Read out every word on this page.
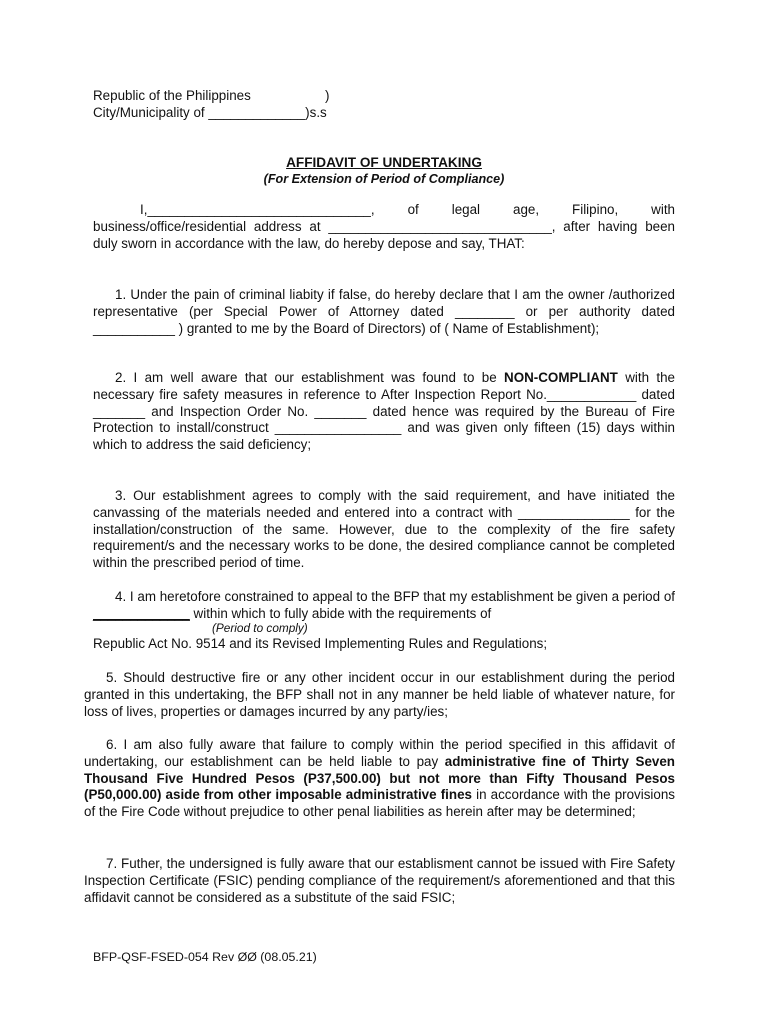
Republic of the Philippines	)
City/Municipality of _____________)s.s
AFFIDAVIT OF UNDERTAKING
(For Extension of Period of Compliance)
I,______________________________, of legal age, Filipino, with business/office/residential address at ______________________________, after having been duly sworn in accordance with the law, do hereby depose and say, THAT:
1. Under the pain of criminal liabity if false, do hereby declare that I am the owner /authorized representative (per Special Power of Attorney dated ________ or per authority dated ___________ ) granted to me by the Board of Directors) of ( Name of Establishment);
2. I am well aware that our establishment was found to be NON-COMPLIANT with the necessary fire safety measures in reference to After Inspection Report No.____________ dated _______ and Inspection Order No. _______ dated hence was required by the Bureau of Fire Protection to install/construct _________________ and was given only fifteen (15) days within which to address the said deficiency;
3. Our establishment agrees to comply with the said requirement, and have initiated the canvassing of the materials needed and entered into a contract with _______________ for the installation/construction of the same. However, due to the complexity of the fire safety requirement/s and the necessary works to be done, the desired compliance cannot be completed within the prescribed period of time.
4. I am heretofore constrained to appeal to the BFP that my establishment be given a period of _____________ within which to fully abide with the requirements of
(Period to comply)
Republic Act No. 9514 and its Revised Implementing Rules and Regulations;
5. Should destructive fire or any other incident occur in our establishment during the period granted in this undertaking, the BFP shall not in any manner be held liable of whatever nature, for loss of lives, properties or damages incurred by any party/ies;
6. I am also fully aware that failure to comply within the period specified in this affidavit of undertaking, our establishment can be held liable to pay administrative fine of Thirty Seven Thousand Five Hundred Pesos (P37,500.00) but not more than Fifty Thousand Pesos (P50,000.00) aside from other imposable administrative fines in accordance with the provisions of the Fire Code without prejudice to other penal liabilities as herein after may be determined;
7. Futher, the undersigned is fully aware that our establisment cannot be issued with Fire Safety Inspection Certificate (FSIC) pending compliance of the requirement/s aforementioned and that this affidavit cannot be considered as a substitute of the said FSIC;
BFP-QSF-FSED-054 Rev ØØ (08.05.21)
